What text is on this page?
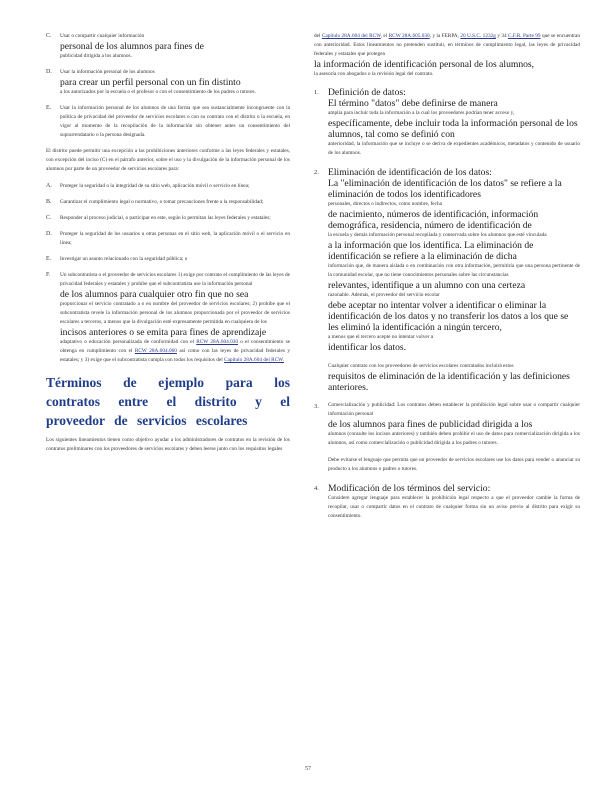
C.	Usar o compartir cualquier información
personal de los alumnos para fines de
publicidad dirigida a los alumnos.
D.	Usar la información personal de los alumnos
para crear un perfil personal con un fin distinto
a los autorizados por la escuela o el profesor o con el consentimiento de los padres o tutores.
E.	Usar la información personal de los alumnos de una forma que sea sustancialmente incongruente con la política de privacidad del proveedor de servicios escolares o con su contrato con el distrito o la escuela, en vigor al momento de la recopilación de la información sin obtener antes un consentimiento del suprarrendatario o la persona designada.
El distrito puede permitir una excepción a las prohibiciones anteriores conforme a las leyes federales y estatales, con excepción del inciso (C) en el párrafo anterior, sobre el uso y la divulgación de la información personal de los alumnos por parte de un proveedor de servicios escolares para:
A.	Proteger la seguridad o la integridad de su sitio web, aplicación móvil o servicio en línea;
B.	Garantizar el cumplimiento legal o normativo, o tomar precauciones frente a la responsabilidad;
C.	Responder al proceso judicial, o participar en este, según lo permitan las leyes federales y estatales;
D.	Proteger la seguridad de los usuarios u otras personas en el sitio web, la aplicación móvil o el servicio en línea;
E.	Investigar un asunto relacionado con la seguridad pública; o
F.	Un subcontratista o el proveedor de servicios escolares 1) exige por contrato el cumplimiento de las leyes de privacidad federales y estatales y prohíbe que el subcontratista use la información personal
de los alumnos para cualquier otro fin que no sea
proporcionar el servicio contratado a o en nombre del proveedor de servicios escolares; 2) prohíbe que el subcontratista revele la información personal de los alumnos proporcionada por el proveedor de servicios escolares a terceros, a menos que la divulgación esté expresamente permitida en cualquiera de los
incisos anteriores o se emita para fines de aprendizaje
adaptativo o educación personalizada de conformidad con el RCW 28A.604.030 o el consentimiento se obtenga en cumplimiento con el RCW 28A.604.060 así como con las leyes de privacidad federales y estatales; y 3) exige que el subcontratista cumpla con todos los requisitos del Capítulo 28A.604 del RCW.
Términos de ejemplo para los contratos entre el distrito y el proveedor de servicios escolares
Los siguientes lineamientos tienen como objetivo ayudar a los administradores de contratos en la revisión de los contratos preliminares con los proveedores de servicios escolares y deben leerse junto con los requisitos legales
del Capítulo 28A.604 del RCW, el RCW 28A.605.030, y la FERPA, 20 U.S.C. 1232g y 34 C.F.R. Parte 99 que se encuentran con anterioridad. Estos lineamientos no pretenden sustituir, en términos de cumplimiento legal, las leyes de privacidad federales y estatales que protegen
la información de identificación personal de los alumnos,
la asesoría con abogados o la revisión legal del contrato.
1. Definición de datos:
El término "datos" debe definirse de manera
amplia para incluir toda la información a la cual los proveedores podrían tener acceso y,
específicamente, debe incluir toda la información personal de los alumnos, tal como se definió con
anterioridad, la información que se incluye o se deriva de expedientes académicos, metadatos y contenido de usuario de los alumnos.
2. Eliminación de identificación de los datos:
La "eliminación de identificación de los datos" se refiere a la eliminación de todos los identificadores
personales, directos o indirectos, como nombre, fecha
de nacimiento, números de identificación, información demográfica, residencia, número de identificación de
la escuela y demás información personal recopilada y conservada sobre los alumnos que esté vinculada
a la información que los identifica. La eliminación de identificación se refiere a la eliminación de dicha
información que, de manera aislada o en combinación con otra información, permitiría que una persona pertinente de la comunidad escolar, que no tiene conocimientos personales sobre las circunstancias
relevantes, identifique a un alumno con una certeza
razonable. Además, el proveedor del servicio escolar
debe aceptar no intentar volver a identificar o eliminar la identificación de los datos y no transferir los datos a los que se les eliminó la identificación a ningún tercero,
a menos que el tercero acepte no intentar volver a
identificar los datos.
Cualquier contrato con los proveedores de servicios escolares contratados incluirá estos
requisitos de eliminación de la identificación y las definiciones anteriores.
3.	Comercialización y publicidad: Los contratos deben establecer la prohibición legal sobre usar o compartir cualquier información personal
de los alumnos para fines de publicidad dirigida a los
alumnos (consulte los incisos anteriores) y también deben prohibir el uso de datos para comercialización dirigida a los alumnos, así como comercialización o publicidad dirigida a los padres o tutores.
Debe evitarse el lenguaje que permita que un proveedor de servicios escolares use los datos para vender o anunciar su producto a los alumnos o padres o tutores.
4. Modificación de los términos del servicio:
Considere agregar lenguaje para establecer la prohibición legal respecto a que el proveedor cambie la forma de recopilar, usar o compartir datos en el contrato de cualquier forma sin un aviso previo al distrito para exigir su consentimiento.
57
